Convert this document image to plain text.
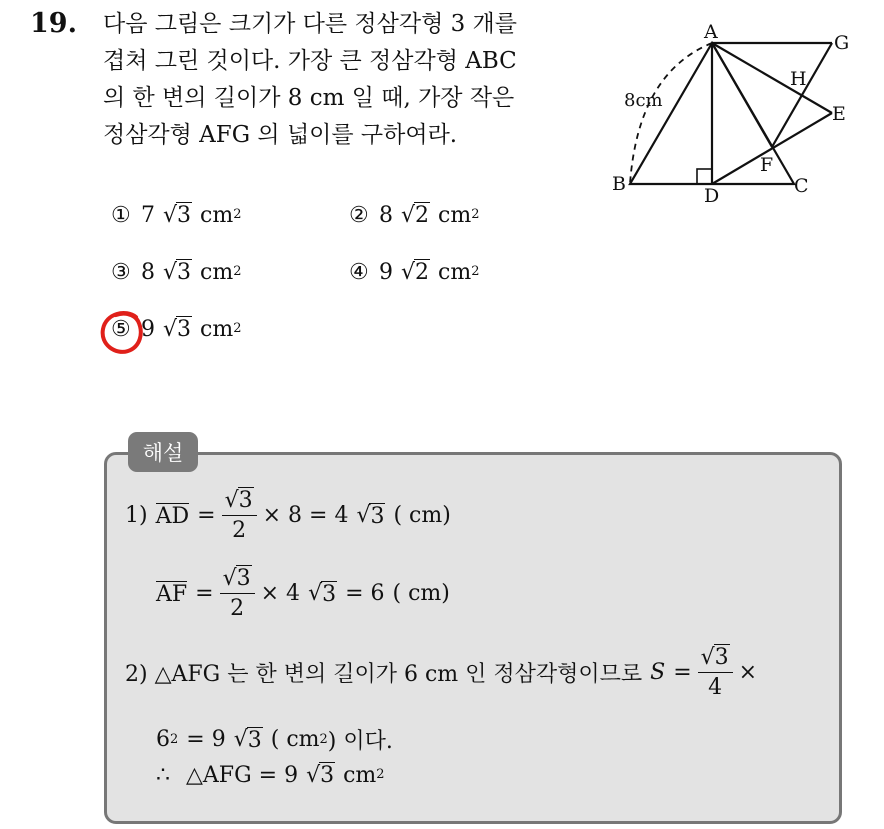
19. 다음 그림은 크기가 다른 정삼각형 3 개를
겹쳐 그린 것이다. 가장 큰 정삼각형 ABC
의 한 변의 길이가 8 cm 일 때, 가장 작은
정삼각형 AFG 의 넓이를 구하여라.
A
B	C
D
E
F
G
H
8cm
① 7 √ 3 cm 2	② 8 √ 2 cm 2
③ 8 √ 3 cm 2	④ 9 √ 2 cm 2
⑤ 9 √ 3 cm 2
해설
1) AD = $\frac{√3}{2} \times 8 = 4$ √ 3 ( cm)
AF = $\frac{√3}{2} \times 4$ √ 3 = 6 ( cm)
2) △AFG 는 한 변의 길이가 6 cm 인 정삼각형이므로 $S = \frac{√3}{4}$ ×
6 2 = 9 √ 3 ( cm 2 ) 이다.
∴ △AFG = 9 √ 3 cm 2
